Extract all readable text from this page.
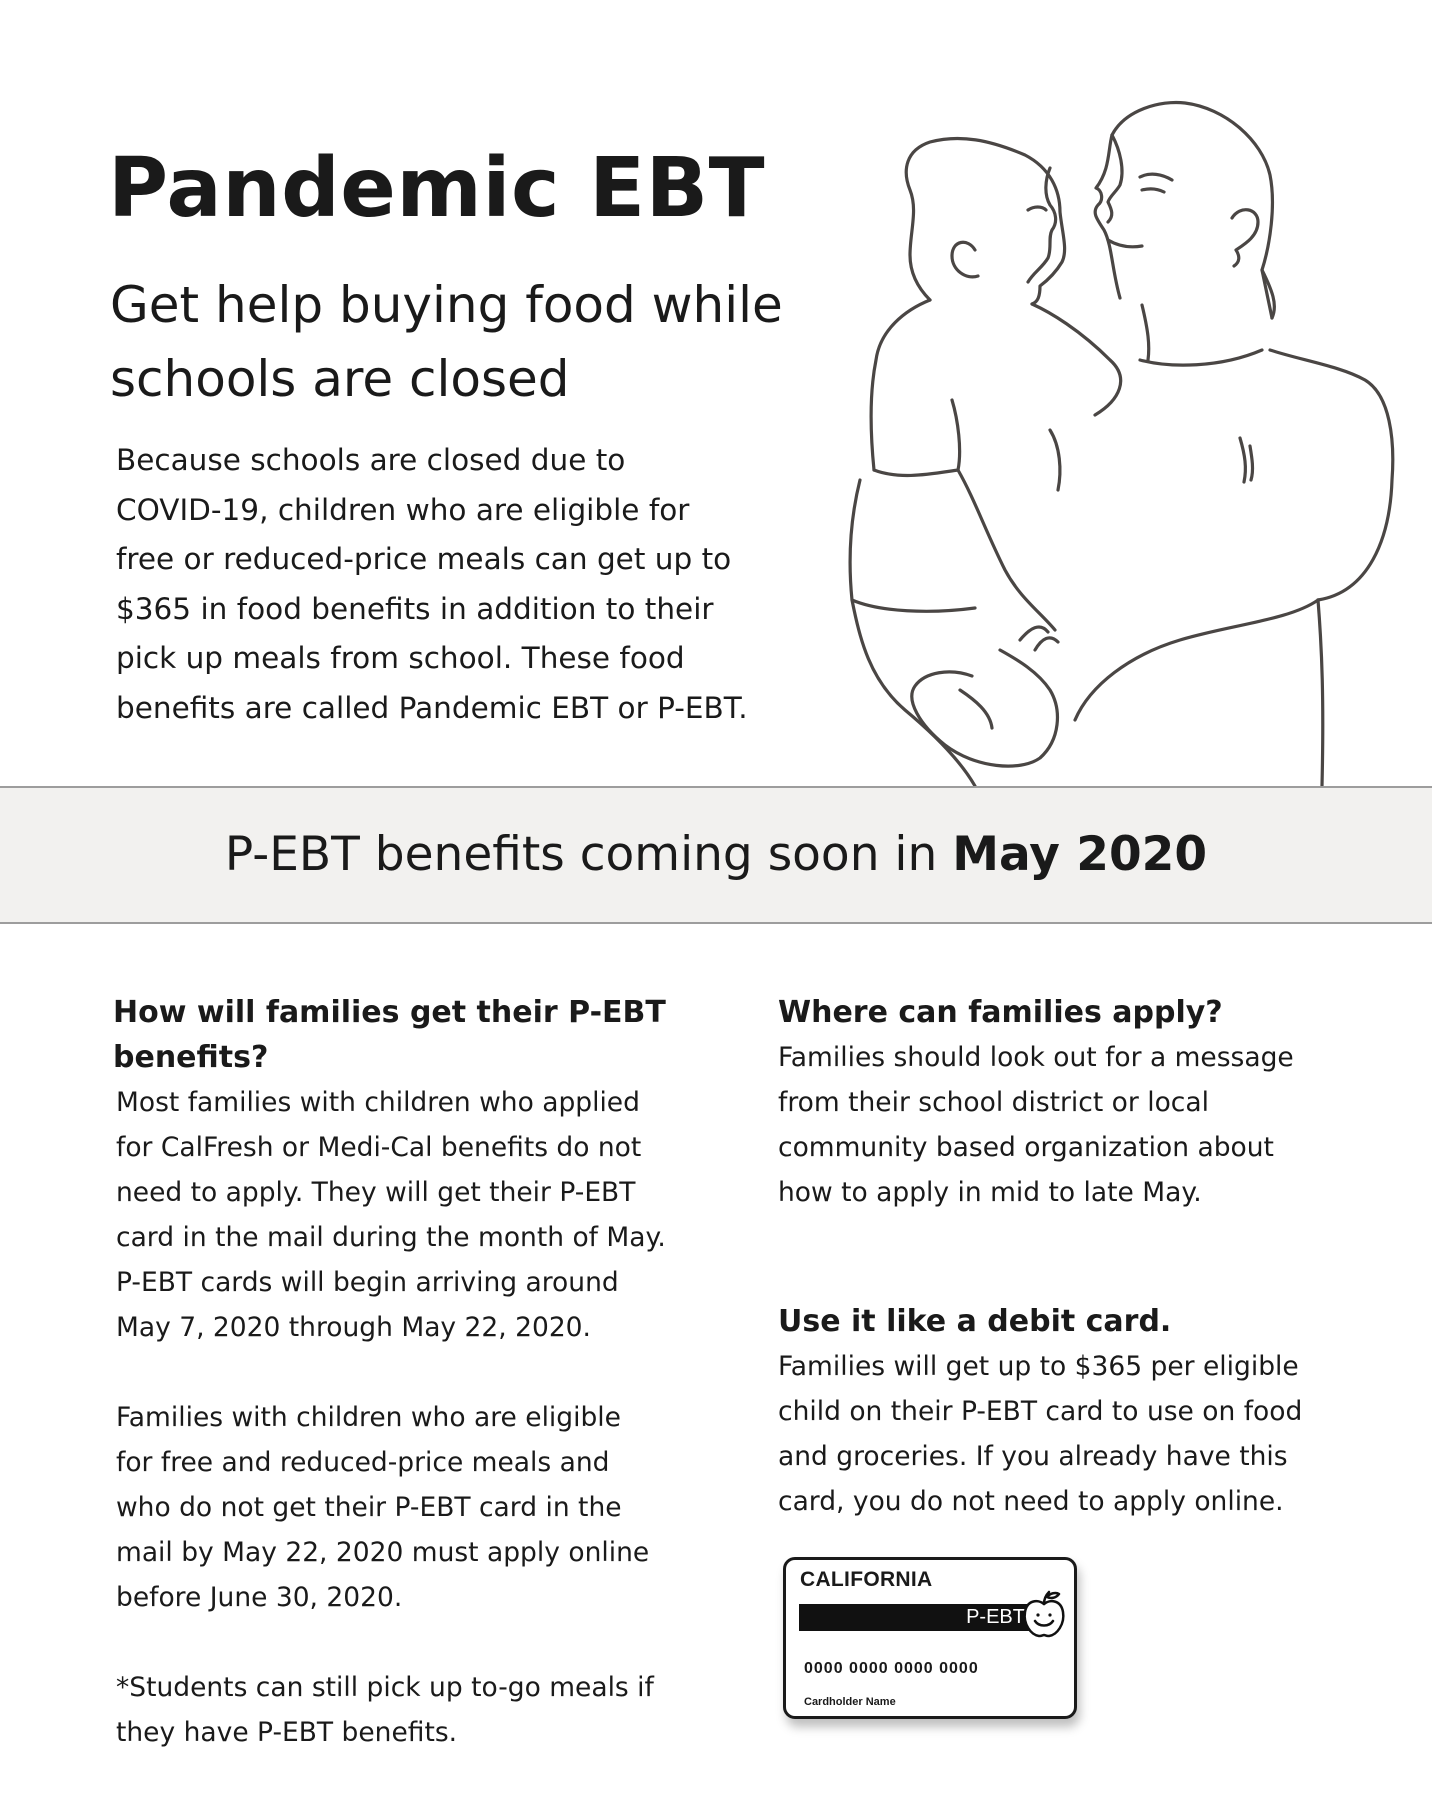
Pandemic EBT
Get help buying food while
schools are closed

Because schools are closed due to
COVID-19, children who are eligible for
free or reduced-price meals can get up to
$365 in food benefits in addition to their
pick up meals from school. These food
benefits are called Pandemic EBT or P-EBT.

P-EBT benefits coming soon in May 2020
How will families get their P-EBT
benefits?

Most families with children who applied
for CalFresh or Medi-Cal benefits do not
need to apply. They will get their P-EBT
card in the mail during the month of May.
P-EBT cards will begin arriving around
May 7, 2020 through May 22, 2020.

Families with children who are eligible
for free and reduced-price meals and
who do not get their P-EBT card in the
mail by May 22, 2020 must apply online
before June 30, 2020.

*Students can still pick up to-go meals if
they have P-EBT benefits.

Where can families apply?

Families should look out for a message
from their school district or local
community based organization about
how to apply in mid to late May.

Use it like a debit card.

Families will get up to $365 per eligible
child on their P-EBT card to use on food
and groceries. If you already have this
card, you do not need to apply online.

CALIFORNIA
P-EBT
0000 0000 0000 0000
Cardholder Name
